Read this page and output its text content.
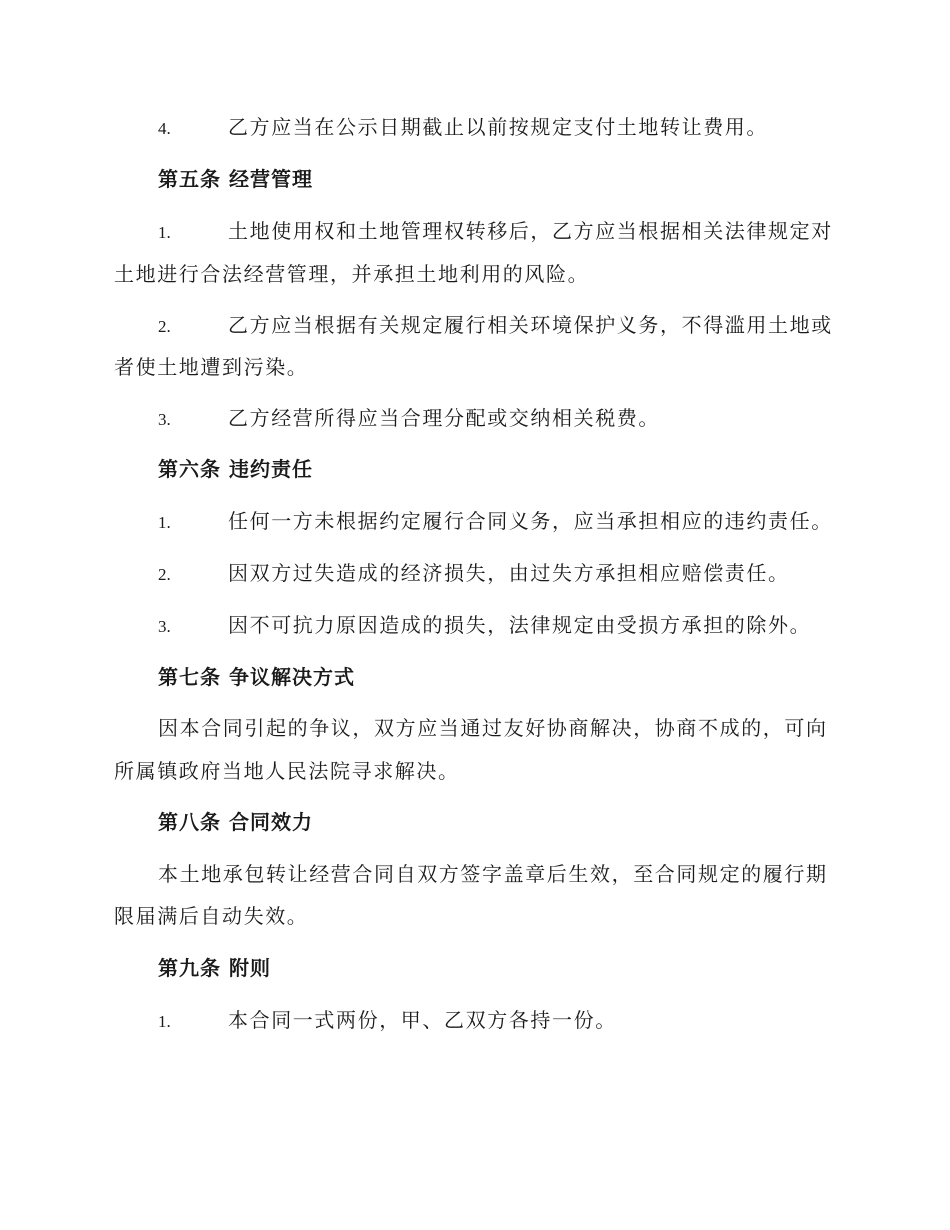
4.	乙方应当在公示日期截止以前按规定支付土地转让费用。
第五条 经营管理
1.	土地使用权和土地管理权转移后，乙方应当根据相关法律规定对
土地进行合法经营管理，并承担土地利用的风险。
2.	乙方应当根据有关规定履行相关环境保护义务，不得滥用土地或
者使土地遭到污染。
3.	乙方经营所得应当合理分配或交纳相关税费。
第六条 违约责任
1.	任何一方未根据约定履行合同义务，应当承担相应的违约责任。
2.	因双方过失造成的经济损失，由过失方承担相应赔偿责任。
3.	因不可抗力原因造成的损失，法律规定由受损方承担的除外。
第七条 争议解决方式
因本合同引起的争议，双方应当通过友好协商解决，协商不成的，可向
所属镇政府当地人民法院寻求解决。
第八条 合同效力
本土地承包转让经营合同自双方签字盖章后生效，至合同规定的履行期
限届满后自动失效。
第九条 附则
1.	本合同一式两份，甲、乙双方各持一份。
